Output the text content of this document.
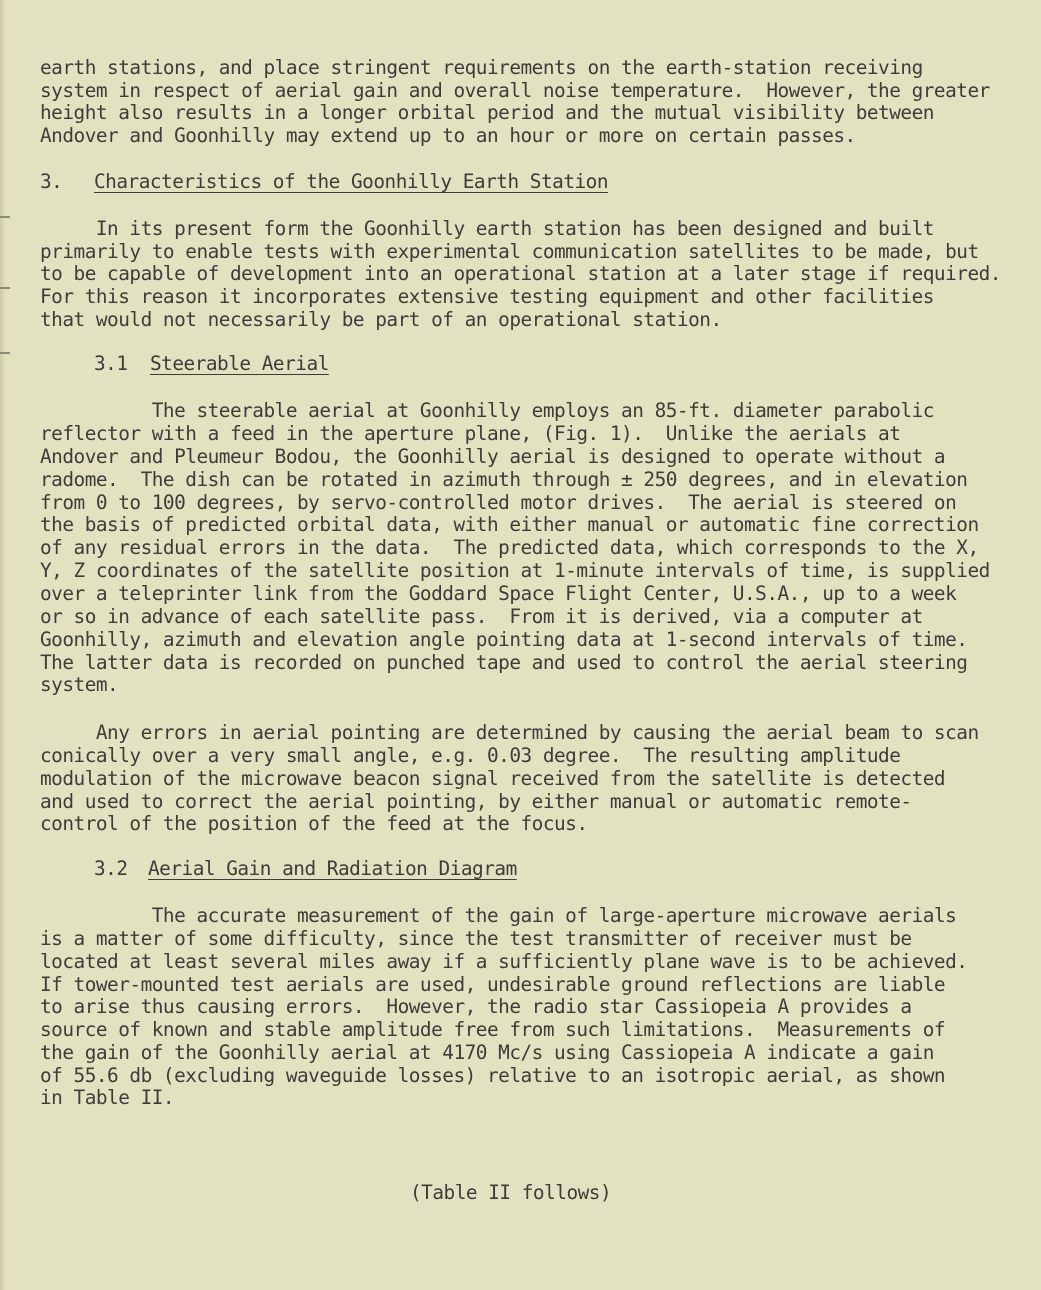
earth stations, and place stringent requirements on the earth-station receiving
system in respect of aerial gain and overall noise temperature.  However, the greater
height also results in a longer orbital period and the mutual visibility between
Andover and Goonhilly may extend up to an hour or more on certain passes.
3. Characteristics of the Goonhilly Earth Station
In its present form the Goonhilly earth station has been designed and built
primarily to enable tests with experimental communication satellites to be made, but
to be capable of development into an operational station at a later stage if required.
For this reason it incorporates extensive testing equipment and other facilities
that would not necessarily be part of an operational station.
3.1 Steerable Aerial
The steerable aerial at Goonhilly employs an 85-ft. diameter parabolic
reflector with a feed in the aperture plane, (Fig. 1).  Unlike the aerials at
Andover and Pleumeur Bodou, the Goonhilly aerial is designed to operate without a
radome.  The dish can be rotated in azimuth through ± 250 degrees, and in elevation
from 0 to 100 degrees, by servo-controlled motor drives.  The aerial is steered on
the basis of predicted orbital data, with either manual or automatic fine correction
of any residual errors in the data.  The predicted data, which corresponds to the X,
Y, Z coordinates of the satellite position at 1-minute intervals of time, is supplied
over a teleprinter link from the Goddard Space Flight Center, U.S.A., up to a week
or so in advance of each satellite pass.  From it is derived, via a computer at
Goonhilly, azimuth and elevation angle pointing data at 1-second intervals of time.
The latter data is recorded on punched tape and used to control the aerial steering
system.
Any errors in aerial pointing are determined by causing the aerial beam to scan
conically over a very small angle, e.g. 0.03 degree.  The resulting amplitude
modulation of the microwave beacon signal received from the satellite is detected
and used to correct the aerial pointing, by either manual or automatic remote-
control of the position of the feed at the focus.
3.2 Aerial Gain and Radiation Diagram
The accurate measurement of the gain of large-aperture microwave aerials
is a matter of some difficulty, since the test transmitter of receiver must be
located at least several miles away if a sufficiently plane wave is to be achieved.
If tower-mounted test aerials are used, undesirable ground reflections are liable
to arise thus causing errors.  However, the radio star Cassiopeia A provides a
source of known and stable amplitude free from such limitations.  Measurements of
the gain of the Goonhilly aerial at 4170 Mc/s using Cassiopeia A indicate a gain
of 55.6 db (excluding waveguide losses) relative to an isotropic aerial, as shown
in Table II.
(Table II follows)
